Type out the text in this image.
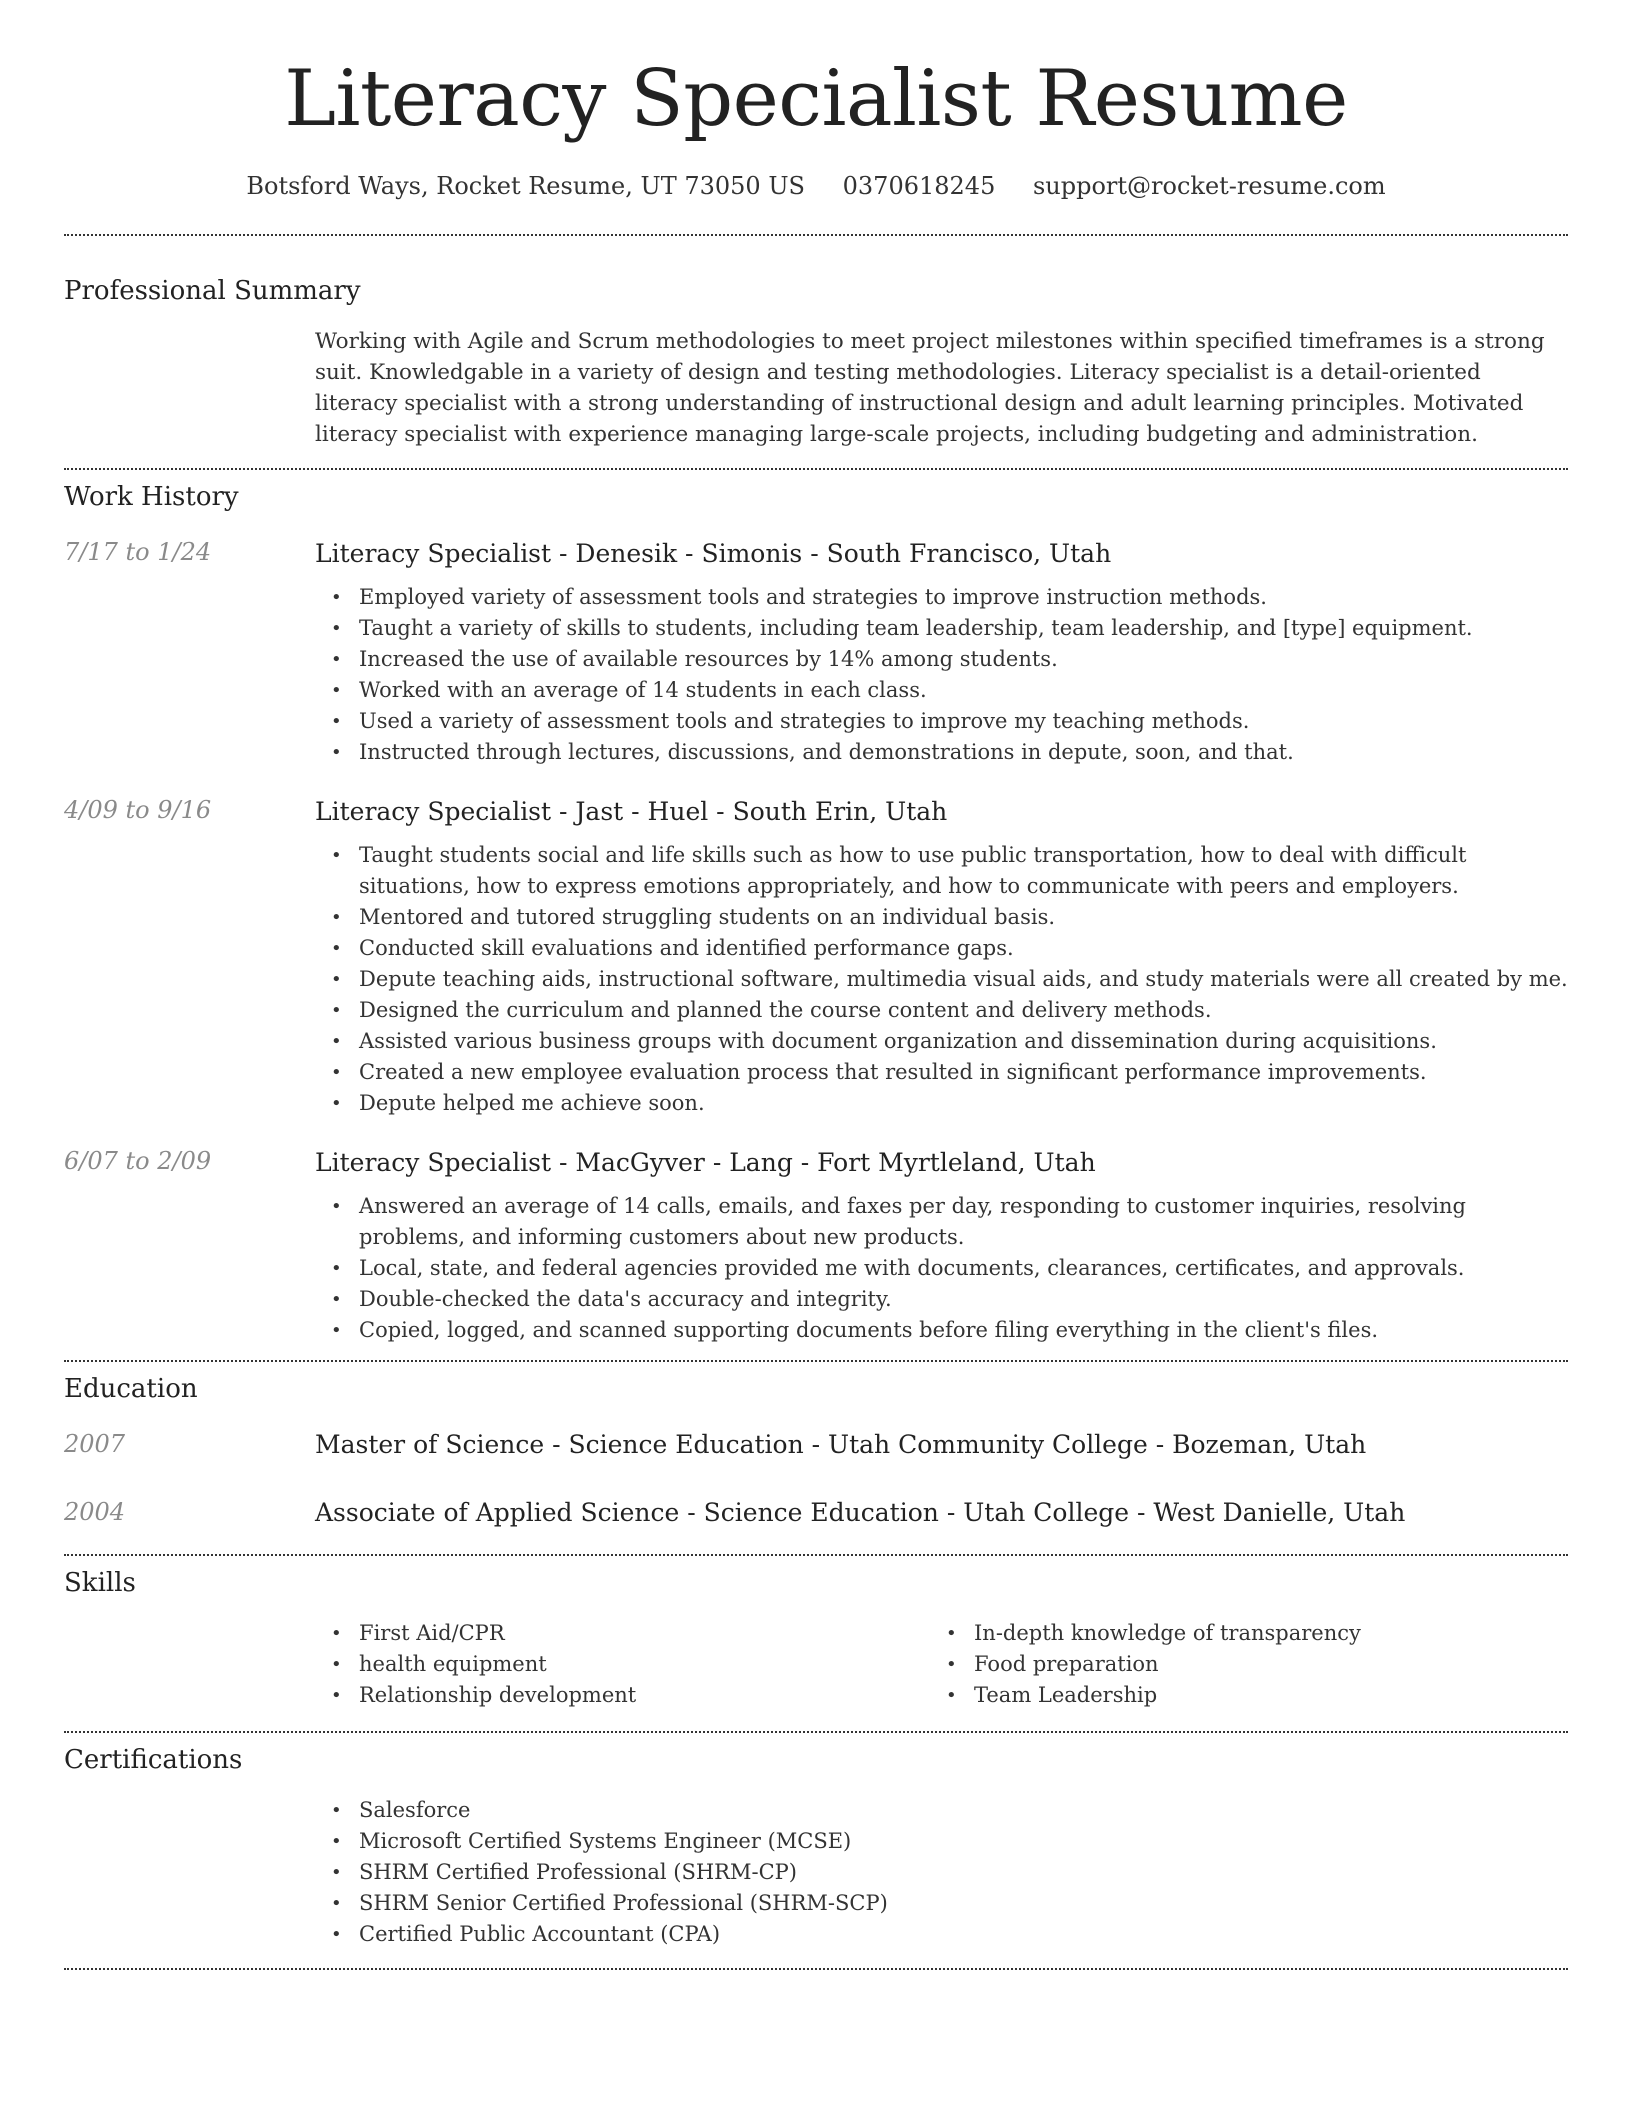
Literacy Specialist Resume
Botsford Ways, Rocket Resume, UT 73050 US 0370618245 support@rocket-resume.com
Professional Summary
Working with Agile and Scrum methodologies to meet project milestones within specified timeframes is a strong suit. Knowledgable in a variety of design and testing methodologies. Literacy specialist is a detail-oriented literacy specialist with a strong understanding of instructional design and adult learning principles. Motivated literacy specialist with experience managing large-scale projects, including budgeting and administration.
Work History
7/17 to 1/24	Literacy Specialist - Denesik - Simonis - South Francisco, Utah
• Employed variety of assessment tools and strategies to improve instruction methods.
• Taught a variety of skills to students, including team leadership, team leadership, and [type] equipment.
• Increased the use of available resources by 14% among students.
• Worked with an average of 14 students in each class.
• Used a variety of assessment tools and strategies to improve my teaching methods.
• Instructed through lectures, discussions, and demonstrations in depute, soon, and that.
4/09 to 9/16	Literacy Specialist - Jast - Huel - South Erin, Utah
• Taught students social and life skills such as how to use public transportation, how to deal with difficult situations, how to express emotions appropriately, and how to communicate with peers and employers.
• Mentored and tutored struggling students on an individual basis.
• Conducted skill evaluations and identified performance gaps.
• Depute teaching aids, instructional software, multimedia visual aids, and study materials were all created by me.
• Designed the curriculum and planned the course content and delivery methods.
• Assisted various business groups with document organization and dissemination during acquisitions.
• Created a new employee evaluation process that resulted in significant performance improvements.
• Depute helped me achieve soon.
6/07 to 2/09	Literacy Specialist - MacGyver - Lang - Fort Myrtleland, Utah
• Answered an average of 14 calls, emails, and faxes per day, responding to customer inquiries, resolving problems, and informing customers about new products.
• Local, state, and federal agencies provided me with documents, clearances, certificates, and approvals.
• Double-checked the data's accuracy and integrity.
• Copied, logged, and scanned supporting documents before filing everything in the client's files.
Education
2007	Master of Science - Science Education - Utah Community College - Bozeman, Utah
2004	Associate of Applied Science - Science Education - Utah College - West Danielle, Utah
Skills
• First Aid/CPR
• health equipment
• Relationship development
• In-depth knowledge of transparency
• Food preparation
• Team Leadership
Certifications
• Salesforce
• Microsoft Certified Systems Engineer (MCSE)
• SHRM Certified Professional (SHRM-CP)
• SHRM Senior Certified Professional (SHRM-SCP)
• Certified Public Accountant (CPA)
